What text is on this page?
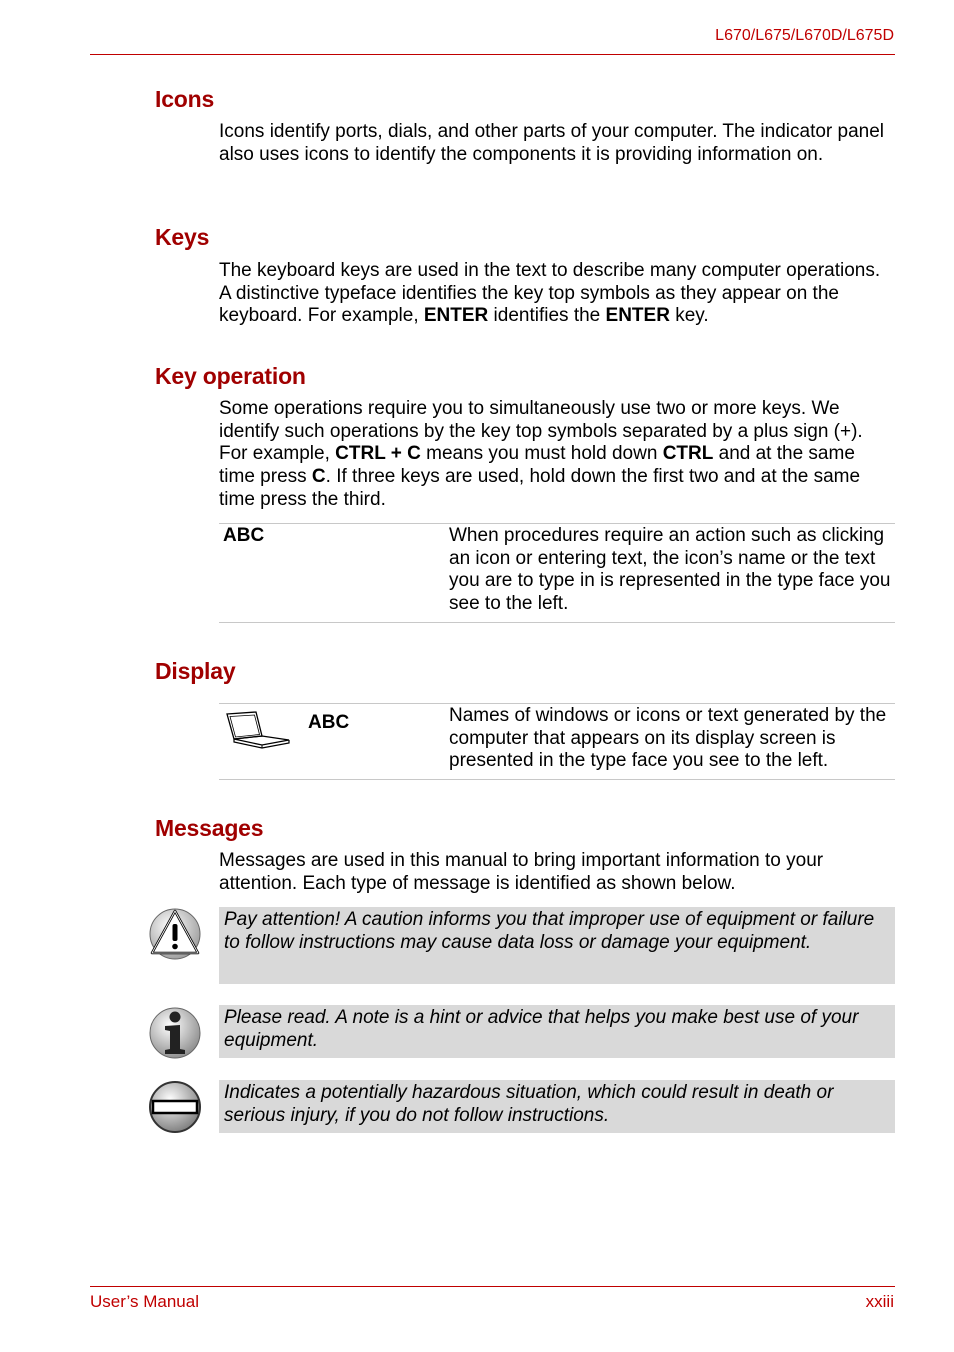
L670/L675/L670D/L675D
Icons
Icons identify ports, dials, and other parts of your computer. The indicator panel also uses icons to identify the components it is providing information on.
Keys
The keyboard keys are used in the text to describe many computer operations. A distinctive typeface identifies the key top symbols as they appear on the keyboard. For example, ENTER identifies the ENTER key.
Key operation
Some operations require you to simultaneously use two or more keys. We identify such operations by the key top symbols separated by a plus sign (+). For example, CTRL + C means you must hold down CTRL and at the same time press C. If three keys are used, hold down the first two and at the same time press the third.
ABC	When procedures require an action such as clicking an icon or entering text, the icon’s name or the text you are to type in is represented in the type face you see to the left.
Display
ABC	Names of windows or icons or text generated by the computer that appears on its display screen is presented in the type face you see to the left.
Messages
Messages are used in this manual to bring important information to your attention. Each type of message is identified as shown below.
Pay attention! A caution informs you that improper use of equipment or failure to follow instructions may cause data loss or damage your equipment.
Please read. A note is a hint or advice that helps you make best use of your equipment.
Indicates a potentially hazardous situation, which could result in death or serious injury, if you do not follow instructions.
User’s Manual	xxiii
